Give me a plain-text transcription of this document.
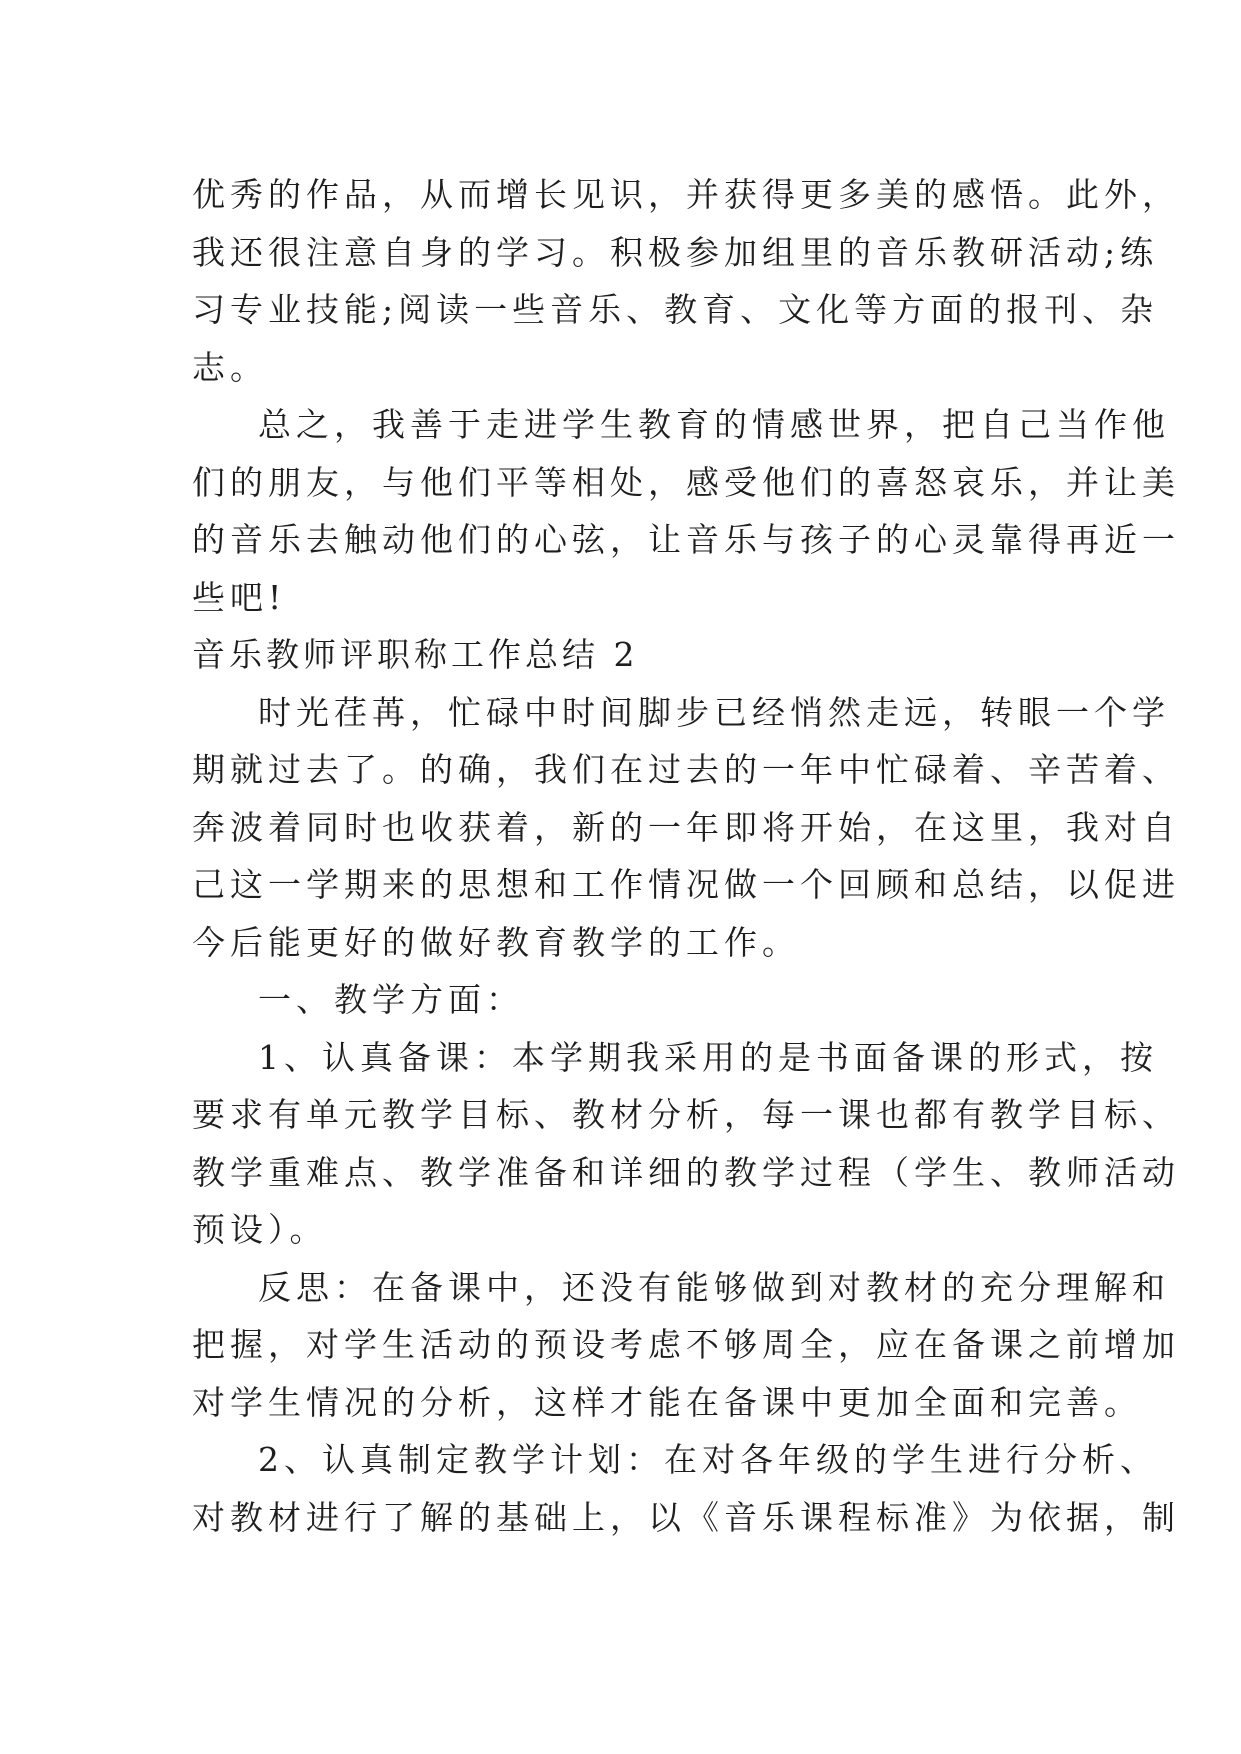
优秀的作品，从而增长见识，并获得更多美的感悟。此外，
我还很注意自身的学习。积极参加组里的音乐教研活动;练
习专业技能;阅读一些音乐、教育、文化等方面的报刊、杂
志。
总之，我善于走进学生教育的情感世界，把自己当作他
们的朋友，与他们平等相处，感受他们的喜怒哀乐，并让美
的音乐去触动他们的心弦，让音乐与孩子的心灵靠得再近一
些吧!
音乐教师评职称工作总结 2
时光荏苒，忙碌中时间脚步已经悄然走远，转眼一个学
期就过去了。的确，我们在过去的一年中忙碌着、辛苦着、
奔波着同时也收获着，新的一年即将开始，在这里，我对自
己这一学期来的思想和工作情况做一个回顾和总结，以促进
今后能更好的做好教育教学的工作。
一、教学方面：
1、认真备课：本学期我采用的是书面备课的形式，按
要求有单元教学目标、教材分析，每一课也都有教学目标、
教学重难点、教学准备和详细的教学过程（学生、教师活动
预设）。
反思：在备课中，还没有能够做到对教材的充分理解和
把握，对学生活动的预设考虑不够周全，应在备课之前增加
对学生情况的分析，这样才能在备课中更加全面和完善。
2、认真制定教学计划：在对各年级的学生进行分析、
对教材进行了解的基础上，以《音乐课程标准》为依据，制
